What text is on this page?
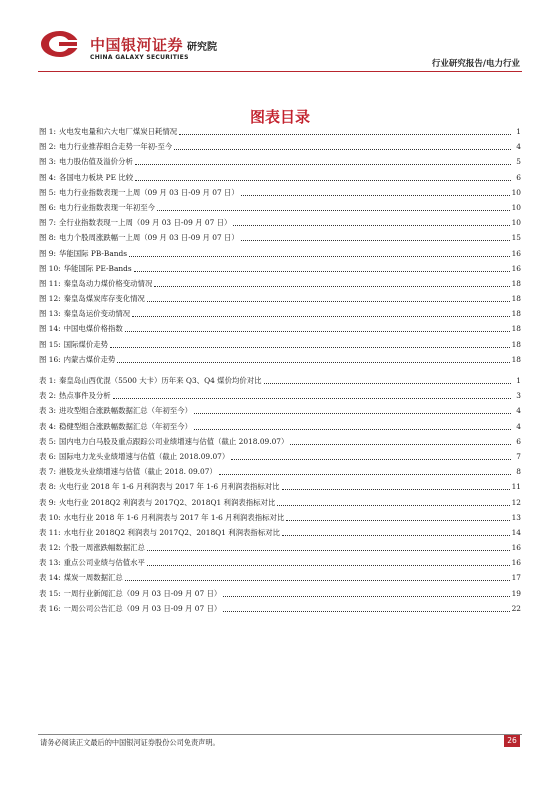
中国银河证券
CHINA GALAXY SECURITIES
研究院
行业研究报告/电力行业
图表目录
图 1: 火电发电量和六大电厂煤炭日耗情况	1
图 2: 电力行业推荐组合走势一年初-至今	4
图 3: 电力股估值及溢价分析	5
图 4: 各国电力板块 PE 比较	6
图 5: 电力行业指数表现一上周（09 月 03 日-09 月 07 日）	10
图 6: 电力行业指数表现一年初至今	10
图 7: 全行业指数表现一上周（09 月 03 日-09 月 07 日）	10
图 8: 电力个股周涨跌幅一上周（09 月 03 日-09 月 07 日）	15
图 9: 华能国际 PB-Bands	16
图 10: 华能国际 PE-Bands	16
图 11: 秦皇岛动力煤价格变动情况	18
图 12: 秦皇岛煤炭库存变化情况	18
图 13: 秦皇岛运价变动情况	18
图 14: 中国电煤价格指数	18
图 15: 国际煤价走势	18
图 16: 内蒙古煤价走势	18
表 1: 秦皇岛山西优混（5500 大卡）历年来 Q3、Q4 煤价均价对比	1
表 2: 热点事件及分析	3
表 3: 进攻型组合涨跌幅数据汇总（年初至今）	4
表 4: 稳健型组合涨跌幅数据汇总（年初至今）	4
表 5: 国内电力白马股及重点跟踪公司业绩增速与估值（截止 2018.09.07）	6
表 6: 国际电力龙头业绩增速与估值（截止 2018.09.07）	7
表 7: 港股龙头业绩增速与估值（截止 2018. 09.07）	8
表 8: 火电行业 2018 年 1-6 月利润表与 2017 年 1-6 月利润表指标对比	11
表 9: 火电行业 2018Q2 利润表与 2017Q2、2018Q1 利润表指标对比	12
表 10: 水电行业 2018 年 1-6 月利润表与 2017 年 1-6 月利润表指标对比	13
表 11: 水电行业 2018Q2 利润表与 2017Q2、2018Q1 利润表指标对比	14
表 12: 个股一周涨跌幅数据汇总	16
表 13: 重点公司业绩与估值水平	16
表 14: 煤炭一周数据汇总	17
表 15: 一周行业新闻汇总（09 月 03 日-09 月 07 日）	19
表 16: 一周公司公告汇总（09 月 03 日-09 月 07 日）	22
请务必阅读正文最后的中国银河证券股份公司免责声明。	26
